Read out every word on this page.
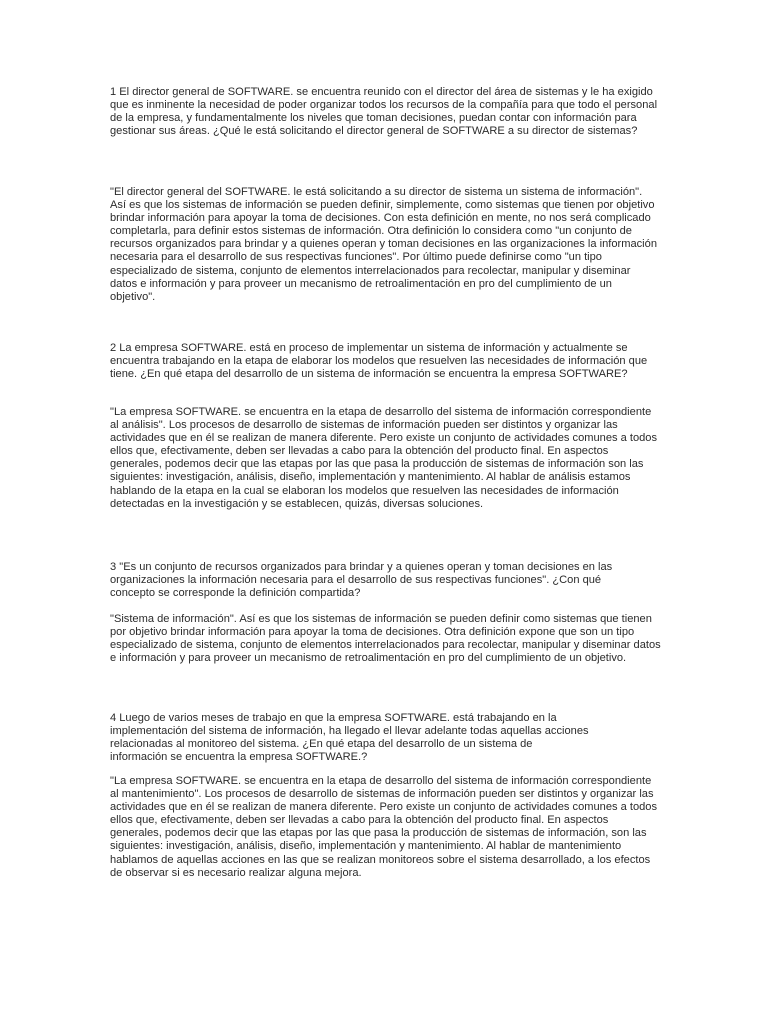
1 El director general de SOFTWARE. se encuentra reunido con el director del área de sistemas y le ha exigido que es inminente la necesidad de poder organizar todos los recursos de la compañía para que todo el personal de la empresa, y fundamentalmente los niveles que toman decisiones, puedan contar con información para gestionar sus áreas. ¿Qué le está solicitando el director general de SOFTWARE a su director de sistemas?

"El director general del SOFTWARE. le está solicitando a su director de sistema un sistema de información". Así es que los sistemas de información se pueden definir, simplemente, como sistemas que tienen por objetivo brindar información para apoyar la toma de decisiones. Con esta definición en mente, no nos será complicado completarla, para definir estos sistemas de información. Otra definición lo considera como "un conjunto de recursos organizados para brindar y a quienes operan y toman decisiones en las organizaciones la información necesaria para el desarrollo de sus respectivas funciones". Por último puede definirse como "un tipo especializado de sistema, conjunto de elementos interrelacionados para recolectar, manipular y diseminar datos e información y para proveer un mecanismo de retroalimentación en pro del cumplimiento de un objetivo".

2 La empresa SOFTWARE. está en proceso de implementar un sistema de información y actualmente se encuentra trabajando en la etapa de elaborar los modelos que resuelven las necesidades de información que tiene. ¿En qué etapa del desarrollo de un sistema de información se encuentra la empresa SOFTWARE?

"La empresa SOFTWARE. se encuentra en la etapa de desarrollo del sistema de información correspondiente al análisis". Los procesos de desarrollo de sistemas de información pueden ser distintos y organizar las actividades que en él se realizan de manera diferente. Pero existe un conjunto de actividades comunes a todos ellos que, efectivamente, deben ser llevadas a cabo para la obtención del producto final. En aspectos generales, podemos decir que las etapas por las que pasa la producción de sistemas de información son las siguientes: investigación, análisis, diseño, implementación y mantenimiento. Al hablar de análisis estamos hablando de la etapa en la cual se elaboran los modelos que resuelven las necesidades de información detectadas en la investigación y se establecen, quizás, diversas soluciones.

3 "Es un conjunto de recursos organizados para brindar y a quienes operan y toman decisiones en las organizaciones la información necesaria para el desarrollo de sus respectivas funciones". ¿Con qué concepto se corresponde la definición compartida?

"Sistema de información". Así es que los sistemas de información se pueden definir como sistemas que tienen por objetivo brindar información para apoyar la toma de decisiones. Otra definición expone que son un tipo especializado de sistema, conjunto de elementos interrelacionados para recolectar, manipular y diseminar datos e información y para proveer un mecanismo de retroalimentación en pro del cumplimiento de un objetivo.

4 Luego de varios meses de trabajo en que la empresa SOFTWARE. está trabajando en la implementación del sistema de información, ha llegado el llevar adelante todas aquellas acciones relacionadas al monitoreo del sistema. ¿En qué etapa del desarrollo de un sistema de información se encuentra la empresa SOFTWARE.?

"La empresa SOFTWARE. se encuentra en la etapa de desarrollo del sistema de información correspondiente al mantenimiento". Los procesos de desarrollo de sistemas de información pueden ser distintos y organizar las actividades que en él se realizan de manera diferente. Pero existe un conjunto de actividades comunes a todos ellos que, efectivamente, deben ser llevadas a cabo para la obtención del producto final. En aspectos generales, podemos decir que las etapas por las que pasa la producción de sistemas de información, son las siguientes: investigación, análisis, diseño, implementación y mantenimiento. Al hablar de mantenimiento hablamos de aquellas acciones en las que se realizan monitoreos sobre el sistema desarrollado, a los efectos de observar si es necesario realizar alguna mejora.
